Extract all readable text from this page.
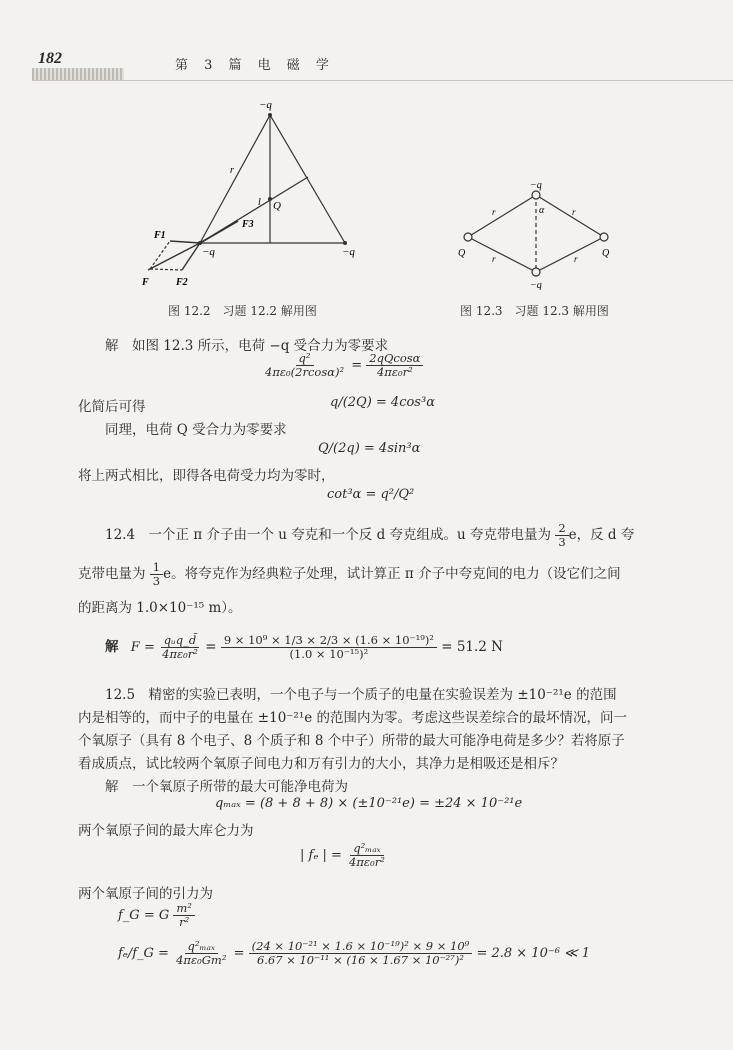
182	第 3 篇 电 磁 学
−q
−q	−q
Q
r
l
F3
F1
F2
F
图 12.2　习题 12.2 解用图
−q
−q
Q	Q
α
r	r
r	r
图 12.3　习题 12.3 解用图
解　如图 12.3 所示，电荷 −q 受合力为零要求
$\frac{\text{q²}}{\text{4πε₀(2rcosα)²}} = \frac{2qQcos\alpha}{\text{4πε₀r²}}$
化简后可得	q/(2Q) = 4cos³α
同理，电荷 Q 受合力为零要求
Q/(2q) = 4sin³α
将上两式相比，即得各电荷受力均为零时，
cot³α = q²/Q²
12.4　一个正 π 介子由一个 u 夸克和一个反 d 夸克组成。u 夸克带电量为 $\frac{2}{3}$ e，反 d 夸
克带电量为 $\frac{1}{3}$ e。将夸克作为经典粒子处理，试计算正 π 介子中夸克间的电力（设它们之间
的距离为 1.0×10⁻¹⁵ m）。
解 $F = \frac{\text{qᵤq\_d̄}}{\text{4πε₀r²}} = \frac{\text{9 × 10⁹ × 1/3 × 2/3 × (1.6 × 10⁻¹⁹)²}}{\text{(1.0 × 10⁻¹⁵)²}} = 51.2$ N
12.5　精密的实验已表明，一个电子与一个质子的电量在实验误差为 ±10⁻²¹e 的范围
内是相等的，而中子的电量在 ±10⁻²¹e 的范围内为零。考虑这些误差综合的最坏情况，问一
个氧原子（具有 8 个电子、8 个质子和 8 个中子）所带的最大可能净电荷是多少？若将原子
看成质点，试比较两个氧原子间电力和万有引力的大小，其净力是相吸还是相斥？
解　一个氧原子所带的最大可能净电荷为
qₘₐₓ = (8 + 8 + 8) × (±10⁻²¹e) = ±24 × 10⁻²¹e
两个氧原子间的最大库仑力为
| fₑ | = $\frac{\text{q²ₘₐₓ}}{\text{4πε₀r²}}$
两个氧原子间的引力为
f_G = G $\frac{\text{m²}}{\text{r²}}$
fₑ/f_G = $\frac{\text{q²ₘₐₓ}}{\text{4πε₀Gm²}} = \frac{\text{(24 × 10⁻²¹ × 1.6 × 10⁻¹⁹)² × 9 × 10⁹}}{\text{6.67 × 10⁻¹¹ × (16 × 1.67 × 10⁻²⁷)²}} = 2.8 \times 10^{-6}$ ≪ 1
